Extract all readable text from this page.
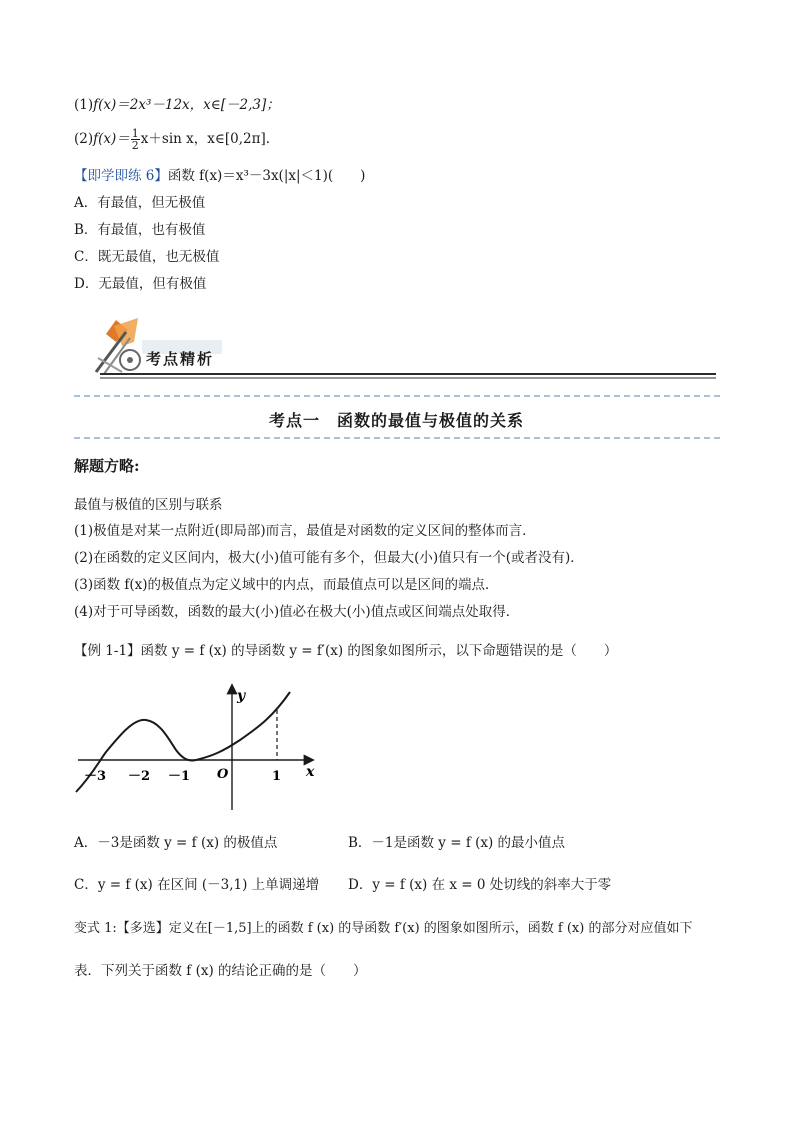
(1)f(x)＝2x³－12x，x∈[－2,3]；
$(2)f(x)= \frac{1}{2} x+\sin$ x，x∈[0,2π]．
【即学即练 6】函数 f(x)＝x³－3x(|x|＜1)(　　)
A．有最值，但无极值
B．有最值，也有极值
C．既无最值，也无极值
D．无最值，但有极值
考点精析
考点一　函数的最值与极值的关系
解题方略:
最值与极值的区别与联系
(1)极值是对某一点附近(即局部)而言，最值是对函数的定义区间的整体而言．
(2)在函数的定义区间内，极大(小)值可能有多个，但最大(小)值只有一个(或者没有)．
(3)函数 f(x)的极值点为定义域中的内点，而最值点可以是区间的端点．
(4)对于可导函数，函数的最大(小)值必在极大(小)值点或区间端点处取得．
【例 1-1】函数 y = f (x) 的导函数 y = f′(x) 的图象如图所示，以下命题错误的是（　　）
y
x
O
－3 －2 －1	1
A．－3是函数 y = f (x) 的极值点	B．－1是函数 y = f (x) 的最小值点
C．y = f (x) 在区间 (－3,1) 上单调递增 D．y = f (x) 在 x = 0 处切线的斜率大于零
变式 1:【多选】定义在[－1,5]上的函数 f (x) 的导函数 f′(x) 的图象如图所示，函数 f (x) 的部分对应值如下
表．下列关于函数 f (x) 的结论正确的是（　　）
